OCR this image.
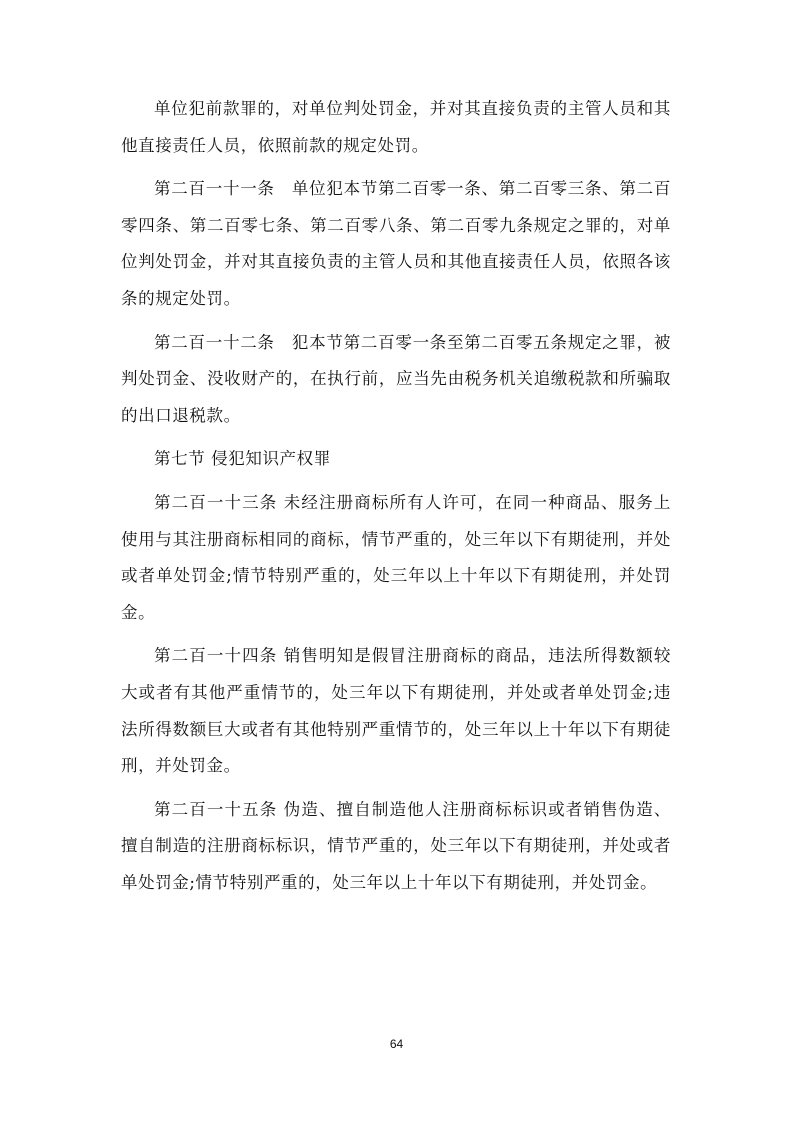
单位犯前款罪的，对单位判处罚金，并对其直接负责的主管人员和其他直接责任人员，依照前款的规定处罚。

第二百一十一条　单位犯本节第二百零一条、第二百零三条、第二百零四条、第二百零七条、第二百零八条、第二百零九条规定之罪的，对单位判处罚金，并对其直接负责的主管人员和其他直接责任人员，依照各该条的规定处罚。

第二百一十二条　犯本节第二百零一条至第二百零五条规定之罪，被判处罚金、没收财产的，在执行前，应当先由税务机关追缴税款和所骗取的出口退税款。

第七节 侵犯知识产权罪

第二百一十三条 未经注册商标所有人许可，在同一种商品、服务上使用与其注册商标相同的商标，情节严重的，处三年以下有期徒刑，并处或者单处罚金;情节特别严重的，处三年以上十年以下有期徒刑，并处罚金。

第二百一十四条 销售明知是假冒注册商标的商品，违法所得数额较大或者有其他严重情节的，处三年以下有期徒刑，并处或者单处罚金;违法所得数额巨大或者有其他特别严重情节的，处三年以上十年以下有期徒刑，并处罚金。

第二百一十五条 伪造、擅自制造他人注册商标标识或者销售伪造、擅自制造的注册商标标识，情节严重的，处三年以下有期徒刑，并处或者单处罚金;情节特别严重的，处三年以上十年以下有期徒刑，并处罚金。

64
